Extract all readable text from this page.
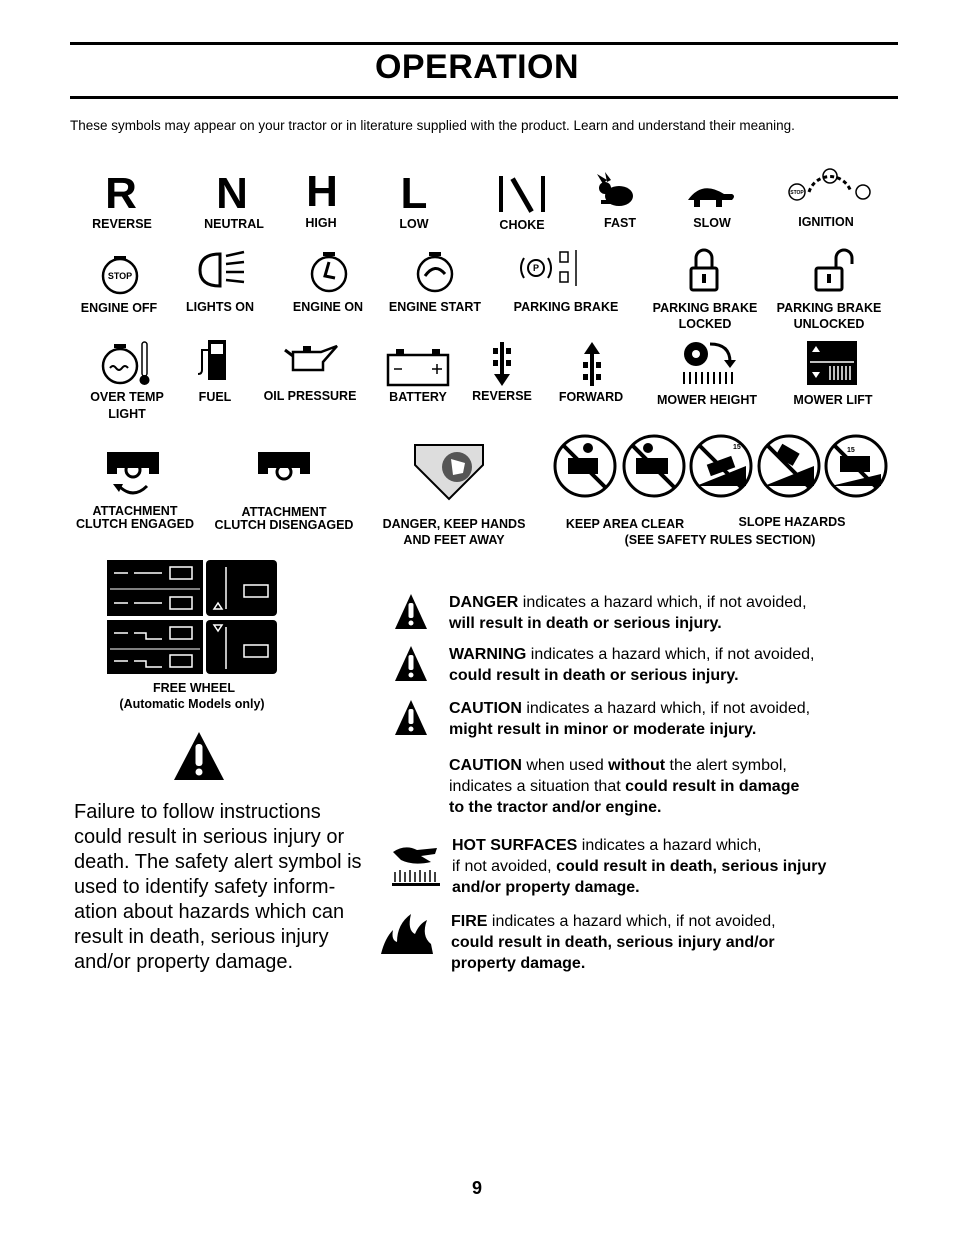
OPERATION
These symbols may appear on your tractor or in literature supplied with the product. Learn and understand their meaning.
R
REVERSE
N
NEUTRAL
H
HIGH
L
LOW	CHOKE	FAST	SLOW
STOP
IGNITION
STOP
ENGINE OFF LIGHTS ON	ENGINE ON ENGINE START
P
PARKING BRAKE	PARKING BRAKE
LOCKED
PARKING BRAKE
UNLOCKED
OVER TEMP
LIGHT
FUEL	OIL PRESSURE	BATTERY REVERSE FORWARD	MOWER HEIGHT	MOWER LIFT
ATTACHMENT
CLUTCH ENGAGED
ATTACHMENT
CLUTCH DISENGAGED DANGER, KEEP HANDS
AND FEET AWAY
KEEP AREA CLEAR
15	15
SLOPE HAZARDS
(SEE SAFETY RULES SECTION)
FREE WHEEL
(Automatic Models only)
Failure to follow instructions could result in serious injury or death. The safety alert symbol is used to identify safety inform-ation about hazards which can result in death, serious injury and/or property damage.
DANGER indicates a hazard which, if not avoided,
will result in death or serious injury.
WARNING indicates a hazard which, if not avoided,
could result in death or serious injury.
CAUTION indicates a hazard which, if not avoided,
might result in minor or moderate injury.
CAUTION when used without the alert symbol,
indicates a situation that could result in damage
to the tractor and/or engine.
HOT SURFACES indicates a hazard which,
if not avoided, could result in death, serious injury
and/or property damage.
FIRE indicates a hazard which, if not avoided,
could result in death, serious injury and/or
property damage.
9
